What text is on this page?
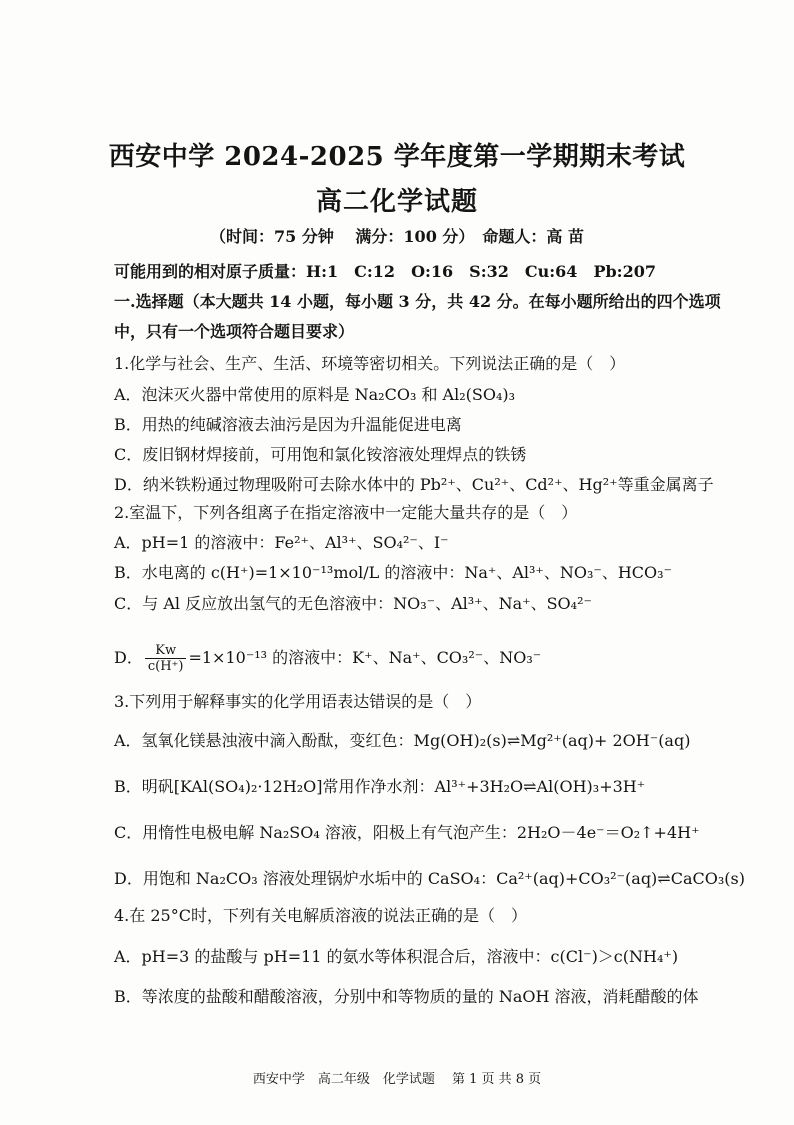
西安中学 2024-2025 学年度第一学期期末考试
高二化学试题
（时间：75 分钟　 满分：100 分）　命题人：高 苗
可能用到的相对原子质量：H:1　C:12　O:16　S:32　Cu:64　Pb:207
一.选择题（本大题共 14 小题，每小题 3 分，共 42 分。在每小题所给出的四个选项
中，只有一个选项符合题目要求）
1.化学与社会、生产、生活、环境等密切相关。下列说法正确的是（　）
A．泡沫灭火器中常使用的原料是 Na₂CO₃ 和 Al₂(SO₄)₃
B．用热的纯碱溶液去油污是因为升温能促进电离
C．废旧钢材焊接前，可用饱和氯化铵溶液处理焊点的铁锈
D．纳米铁粉通过物理吸附可去除水体中的 Pb²⁺、Cu²⁺、Cd²⁺、Hg²⁺等重金属离子
2.室温下，下列各组离子在指定溶液中一定能大量共存的是（　）
A．pH=1 的溶液中：Fe²⁺、Al³⁺、SO₄²⁻、I⁻
B．水电离的 c(H⁺)=1×10⁻¹³mol/L 的溶液中：Na⁺、Al³⁺、NO₃⁻、HCO₃⁻
C．与 Al 反应放出氢气的无色溶液中：NO₃⁻、Al³⁺、Na⁺、SO₄²⁻
D． $\frac{Kw}{c(H^+)} =1\times 10^{-13}$ 的溶液中：K⁺、Na⁺、CO₃²⁻、NO₃⁻
3.下列用于解释事实的化学用语表达错误的是（　）
A．氢氧化镁悬浊液中滴入酚酞，变红色：Mg(OH)₂(s)⇌Mg²⁺(aq)+ 2OH⁻(aq)
B．明矾[KAl(SO₄)₂·12H₂O]常用作净水剂：Al³⁺+3H₂O⇌Al(OH)₃+3H⁺
C．用惰性电极电解 Na₂SO₄ 溶液，阳极上有气泡产生：2H₂O－4e⁻＝O₂↑+4H⁺
D．用饱和 Na₂CO₃ 溶液处理锅炉水垢中的 CaSO₄：Ca²⁺(aq)+CO₃²⁻(aq)⇌CaCO₃(s)
4.在 25°C时，下列有关电解质溶液的说法正确的是（　）
A．pH=3 的盐酸与 pH=11 的氨水等体积混合后，溶液中：c(Cl⁻)＞c(NH₄⁺)
B．等浓度的盐酸和醋酸溶液，分别中和等物质的量的 NaOH 溶液，消耗醋酸的体
西安中学　高二年级　化学试题　 第 1 页 共 8 页
